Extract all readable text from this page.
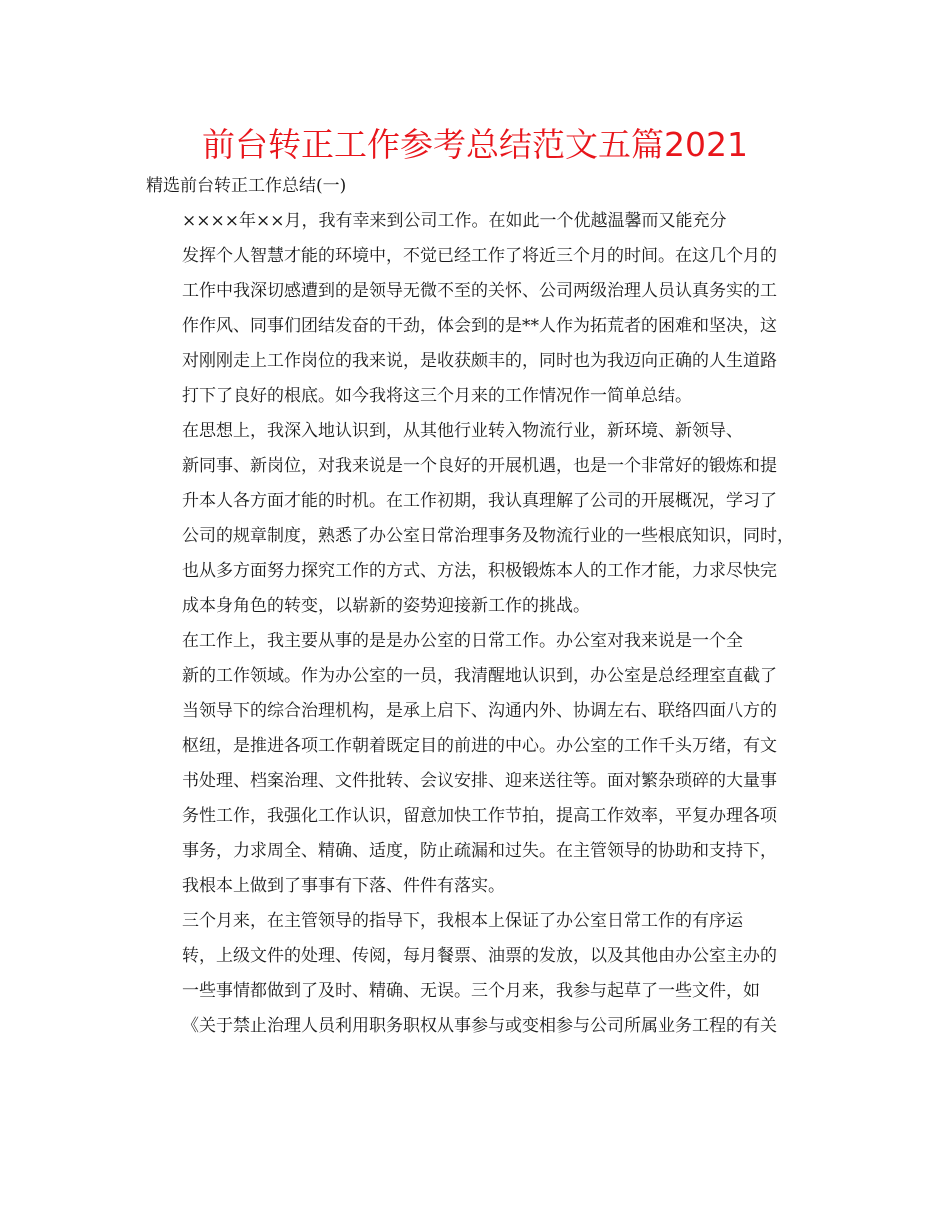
前台转正工作参考总结范文五篇2021

精选前台转正工作总结(一)

××××年××月，我有幸来到公司工作。在如此一个优越温馨而又能充分
发挥个人智慧才能的环境中，不觉已经工作了将近三个月的时间。在这几个月的
工作中我深切感遭到的是领导无微不至的关怀、公司两级治理人员认真务实的工
作作风、同事们团结发奋的干劲，体会到的是**人作为拓荒者的困难和坚决，这
对刚刚走上工作岗位的我来说，是收获颇丰的，同时也为我迈向正确的人生道路
打下了良好的根底。如今我将这三个月来的工作情况作一简单总结。

在思想上，我深入地认识到，从其他行业转入物流行业，新环境、新领导、
新同事、新岗位，对我来说是一个良好的开展机遇，也是一个非常好的锻炼和提
升本人各方面才能的时机。在工作初期，我认真理解了公司的开展概况，学习了
公司的规章制度，熟悉了办公室日常治理事务及物流行业的一些根底知识，同时，
也从多方面努力探究工作的方式、方法，积极锻炼本人的工作才能，力求尽快完
成本身角色的转变，以崭新的姿势迎接新工作的挑战。

在工作上，我主要从事的是是办公室的日常工作。办公室对我来说是一个全
新的工作领域。作为办公室的一员，我清醒地认识到，办公室是总经理室直截了
当领导下的综合治理机构，是承上启下、沟通内外、协调左右、联络四面八方的
枢纽，是推进各项工作朝着既定目的前进的中心。办公室的工作千头万绪，有文
书处理、档案治理、文件批转、会议安排、迎来送往等。面对繁杂琐碎的大量事
务性工作，我强化工作认识，留意加快工作节拍，提高工作效率，平复办理各项
事务，力求周全、精确、适度，防止疏漏和过失。在主管领导的协助和支持下，
我根本上做到了事事有下落、件件有落实。

三个月来，在主管领导的指导下，我根本上保证了办公室日常工作的有序运
转，上级文件的处理、传阅，每月餐票、油票的发放，以及其他由办公室主办的
一些事情都做到了及时、精确、无误。三个月来，我参与起草了一些文件，如
《关于禁止治理人员利用职务职权从事参与或变相参与公司所属业务工程的有关
